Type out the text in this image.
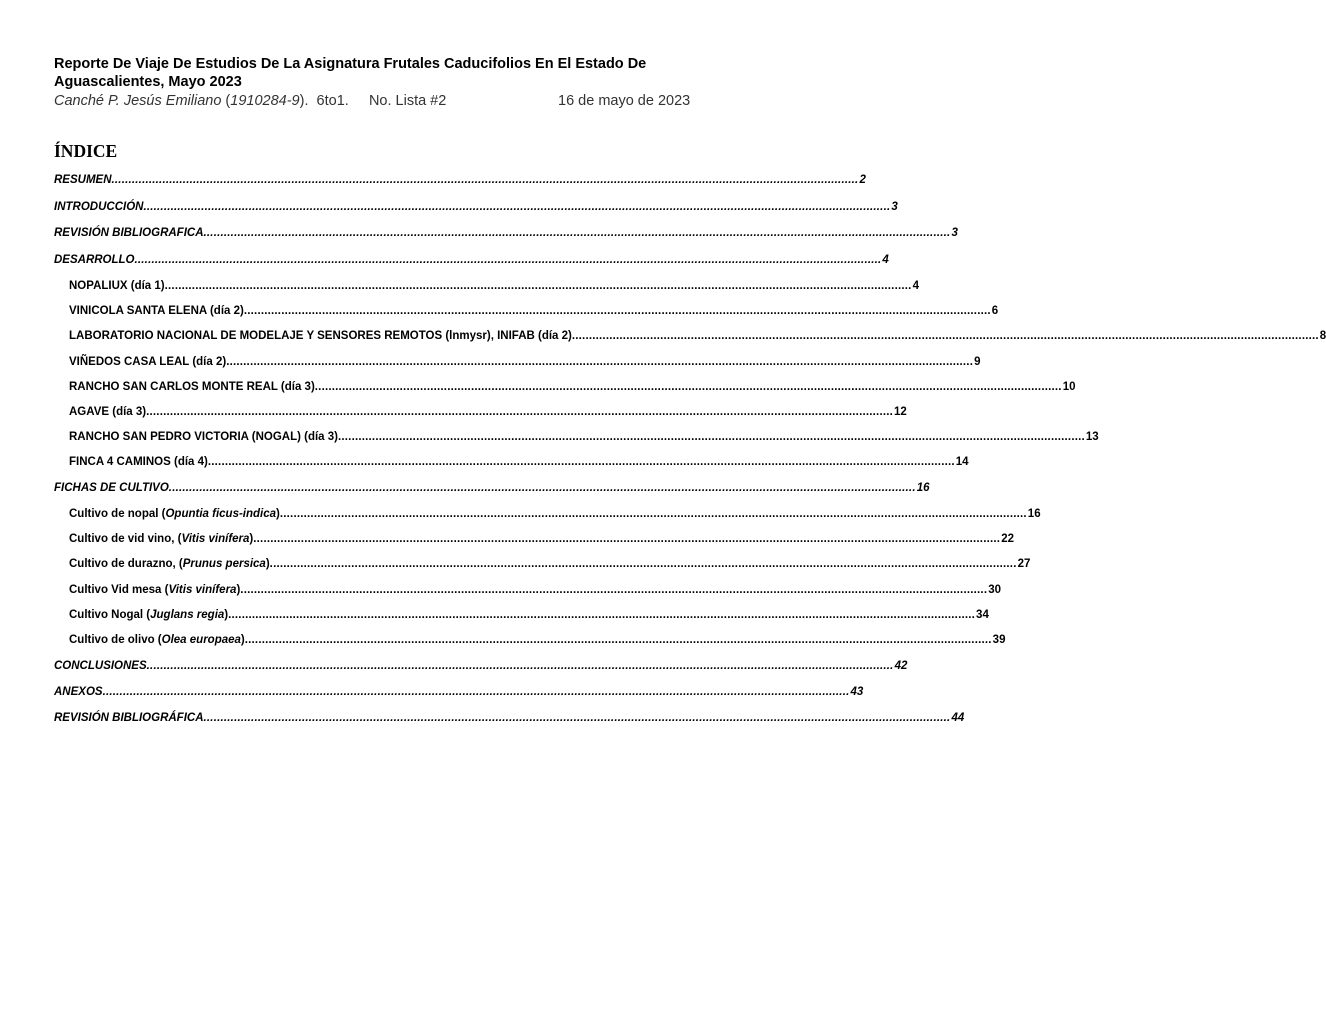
Reporte De Viaje De Estudios De La Asignatura Frutales Caducifolios En El Estado De Aguascalientes, Mayo 2023
Canché P. Jesús Emiliano (1910284-9).  6to1. No. Lista #2	16 de mayo de 2023
ÍNDICE
RESUMEN ............................................................................................................................................................................................................................ 2
INTRODUCCIÓN ............................................................................................................................................................................................................................ 3
REVISIÓN BIBLIOGRAFICA ............................................................................................................................................................................................................................ 3
DESARROLLO ............................................................................................................................................................................................................................ 4
NOPALIUX (día 1) ............................................................................................................................................................................................................................ 4
VINICOLA SANTA ELENA (día 2) ............................................................................................................................................................................................................................ 6
LABORATORIO NACIONAL DE MODELAJE Y SENSORES REMOTOS (lnmysr), INIFAB (día 2) ............................................................................................................................................................................................................................ 8
VIÑEDOS CASA LEAL (día 2) ............................................................................................................................................................................................................................ 9
RANCHO SAN CARLOS MONTE REAL (día 3) ............................................................................................................................................................................................................................ 10
AGAVE (día 3) ............................................................................................................................................................................................................................ 12
RANCHO SAN PEDRO VICTORIA (NOGAL) (día 3) ............................................................................................................................................................................................................................ 13
FINCA 4 CAMINOS (día 4) ............................................................................................................................................................................................................................ 14
FICHAS DE CULTIVO ............................................................................................................................................................................................................................ 16
Cultivo de nopal (Opuntia ficus-indica) ............................................................................................................................................................................................................................ 16
Cultivo de vid vino, (Vitis vinífera) ............................................................................................................................................................................................................................ 22
Cultivo de durazno, (Prunus persica) ............................................................................................................................................................................................................................ 27
Cultivo Vid mesa (Vitis vinífera) ............................................................................................................................................................................................................................ 30
Cultivo Nogal (Juglans regia) ............................................................................................................................................................................................................................ 34
Cultivo de olivo (Olea europaea) ............................................................................................................................................................................................................................ 39
CONCLUSIONES ............................................................................................................................................................................................................................ 42
ANEXOS ............................................................................................................................................................................................................................ 43
REVISIÓN BIBLIOGRÁFICA ............................................................................................................................................................................................................................ 44
